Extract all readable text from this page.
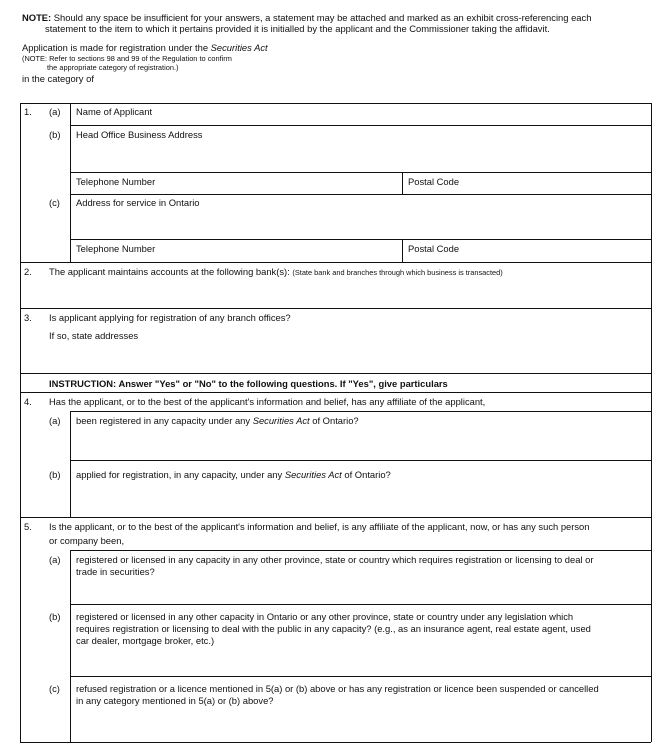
NOTE: Should any space be insufficient for your answers, a statement may be attached and marked as an exhibit cross-referencing each
statement to the item to which it pertains provided it is initialled by the applicant and the Commissioner taking the affidavit.
Application is made for registration under the Securities Act
(NOTE: Refer to sections 98 and 99 of the Regulation to confirm
the appropriate category of registration.)
in the category of
1. (a) Name of Applicant
(b) Head Office Business Address
Telephone Number	Postal Code
(c) Address for service in Ontario
Telephone Number	Postal Code
2. The applicant maintains accounts at the following bank(s): (State bank and branches through which business is transacted)
3. Is applicant applying for registration of any branch offices?
If so, state addresses
INSTRUCTION: Answer "Yes" or "No" to the following questions. If "Yes", give particulars
4. Has the applicant, or to the best of the applicant's information and belief, has any affiliate of the applicant,
(a) been registered in any capacity under any Securities Act of Ontario?
(b) applied for registration, in any capacity, under any Securities Act of Ontario?
5. Is the applicant, or to the best of the applicant's information and belief, is any affiliate of the applicant, now, or has any such person
or company been,
(a) registered or licensed in any capacity in any other province, state or country which requires registration or licensing to deal or
trade in securities?
(b) registered or licensed in any other capacity in Ontario or any other province, state or country under any legislation which
requires registration or licensing to deal with the public in any capacity? (e.g., as an insurance agent, real estate agent, used
car dealer, mortgage broker, etc.)
(c) refused registration or a licence mentioned in 5(a) or (b) above or has any registration or licence been suspended or cancelled
in any category mentioned in 5(a) or (b) above?
